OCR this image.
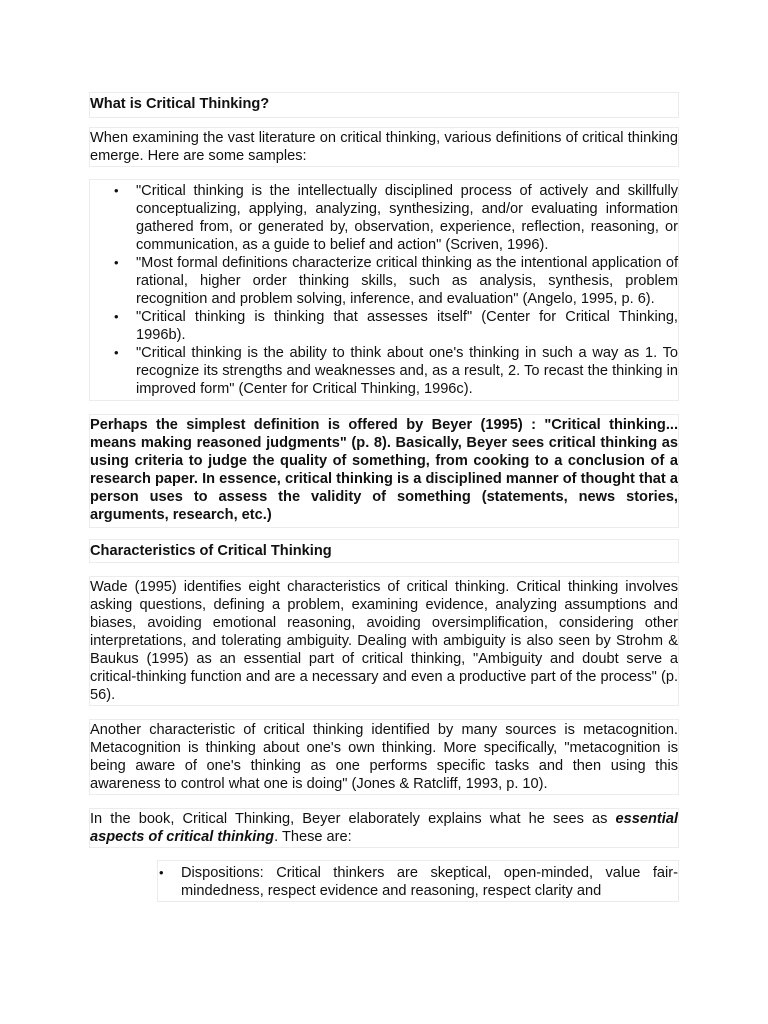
What is Critical Thinking?

When examining the vast literature on critical thinking, various definitions of critical thinking emerge. Here are some samples:

• "Critical thinking is the intellectually disciplined process of actively and skillfully conceptualizing, applying, analyzing, synthesizing, and/or evaluating information gathered from, or generated by, observation, experience, reflection, reasoning, or communication, as a guide to belief and action" (Scriven, 1996).
• "Most formal definitions characterize critical thinking as the intentional application of rational, higher order thinking skills, such as analysis, synthesis, problem recognition and problem solving, inference, and evaluation" (Angelo, 1995, p. 6).
• "Critical thinking is thinking that assesses itself" (Center for Critical Thinking, 1996b).
• "Critical thinking is the ability to think about one's thinking in such a way as 1. To recognize its strengths and weaknesses and, as a result, 2. To recast the thinking in improved form" (Center for Critical Thinking, 1996c).

Perhaps the simplest definition is offered by Beyer (1995) : "Critical thinking... means making reasoned judgments" (p. 8). Basically, Beyer sees critical thinking as using criteria to judge the quality of something, from cooking to a conclusion of a research paper. In essence, critical thinking is a disciplined manner of thought that a person uses to assess the validity of something (statements, news stories, arguments, research, etc.)

Characteristics of Critical Thinking

Wade (1995) identifies eight characteristics of critical thinking. Critical thinking involves asking questions, defining a problem, examining evidence, analyzing assumptions and biases, avoiding emotional reasoning, avoiding oversimplification, considering other interpretations, and tolerating ambiguity. Dealing with ambiguity is also seen by Strohm & Baukus (1995) as an essential part of critical thinking, "Ambiguity and doubt serve a critical-thinking function and are a necessary and even a productive part of the process" (p. 56).

Another characteristic of critical thinking identified by many sources is metacognition. Metacognition is thinking about one's own thinking. More specifically, "metacognition is being aware of one's thinking as one performs specific tasks and then using this awareness to control what one is doing" (Jones & Ratcliff, 1993, p. 10).

In the book, Critical Thinking, Beyer elaborately explains what he sees as essential aspects of critical thinking. These are:

• Dispositions: Critical thinkers are skeptical, open-minded, value fair-mindedness, respect evidence and reasoning, respect clarity and
